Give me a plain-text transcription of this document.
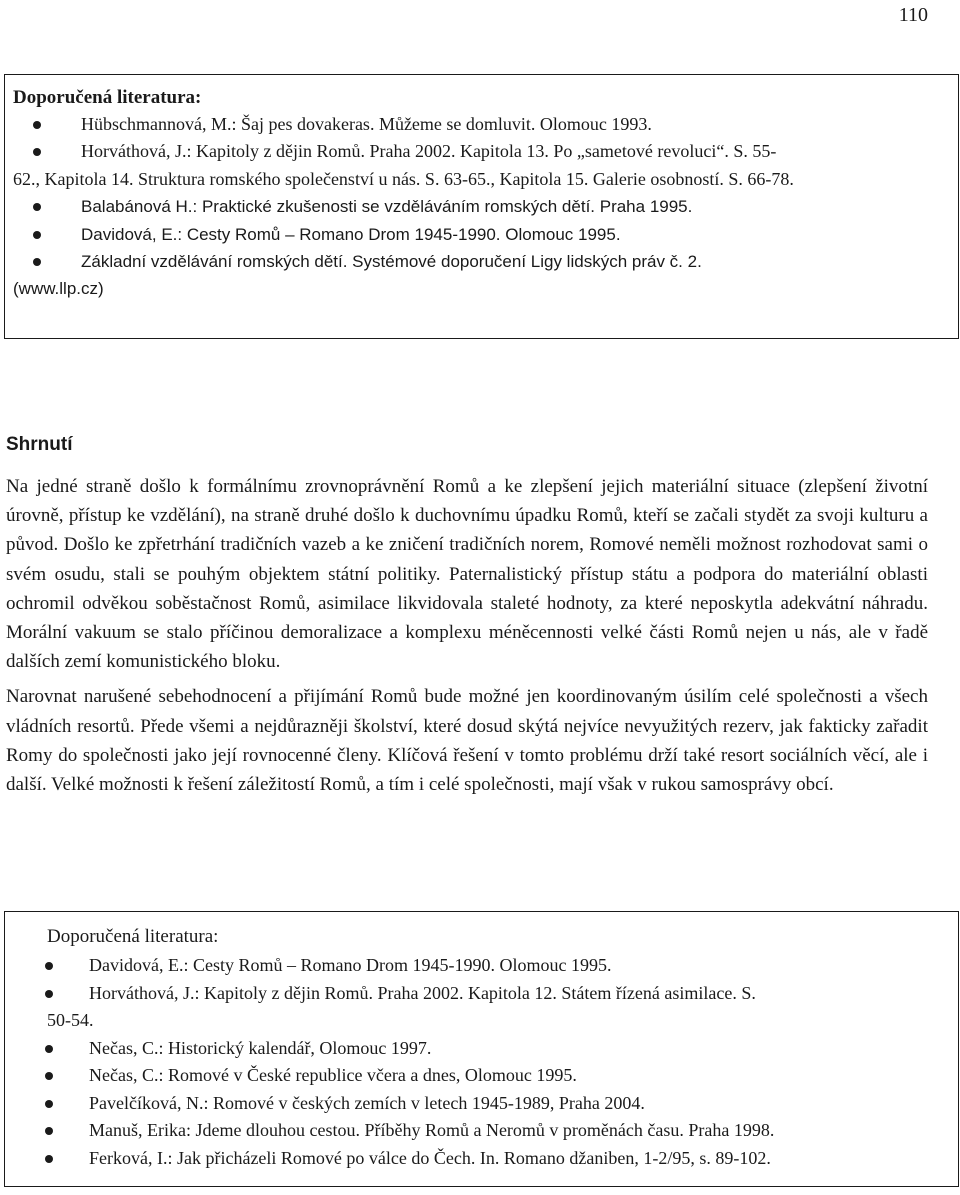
110
Doporučená literatura:
Hübschmannová, M.: Šaj pes dovakeras. Můžeme se domluvit. Olomouc 1993.
Horváthová, J.: Kapitoly z dějin Romů. Praha 2002. Kapitola 13. Po „sametové revoluci“. S. 55-
62., Kapitola 14. Struktura romského společenství u nás. S. 63-65., Kapitola 15. Galerie osobností. S. 66-78.
Balabánová H.: Praktické zkušenosti se vzděláváním romských dětí. Praha 1995.
Davidová, E.: Cesty Romů – Romano Drom 1945-1990. Olomouc 1995.
Základní vzdělávání romských dětí. Systémové doporučení Ligy lidských práv č. 2.
(www.llp.cz)
Shrnutí

Na jedné straně došlo k formálnímu zrovnoprávnění Romů a ke zlepšení jejich materiální situace (zlepšení životní úrovně, přístup ke vzdělání), na straně druhé došlo k duchovnímu úpadku Romů, kteří se začali stydět za svoji kulturu a původ. Došlo ke zpřetrhání tradičních vazeb a ke zničení tradičních norem, Romové neměli možnost rozhodovat sami o svém osudu, stali se pouhým objektem státní politiky. Paternalistický přístup státu a podpora do materiální oblasti ochromil odvěkou soběstačnost Romů, asimilace likvidovala staleté hodnoty, za které neposkytla adekvátní náhradu. Morální vakuum se stalo příčinou demoralizace a komplexu méněcennosti velké části Romů nejen u nás, ale v řadě dalších zemí komunistického bloku.

Narovnat narušené sebehodnocení a přijímání Romů bude možné jen koordinovaným úsilím celé společnosti a všech vládních resortů. Přede všemi a nejdůrazněji školství, které dosud skýtá nejvíce nevyužitých rezerv, jak fakticky zařadit Romy do společnosti jako její rovnocenné členy. Klíčová řešení v tomto problému drží také resort sociálních věcí, ale i další. Velké možnosti k řešení záležitostí Romů, a tím i celé společnosti, mají však v rukou samosprávy obcí.

Doporučená literatura:
Davidová, E.: Cesty Romů – Romano Drom 1945-1990. Olomouc 1995.
Horváthová, J.: Kapitoly z dějin Romů. Praha 2002. Kapitola 12. Státem řízená asimilace. S.
50-54.
Nečas, C.: Historický kalendář, Olomouc 1997.
Nečas, C.: Romové v České republice včera a dnes, Olomouc 1995.
Pavelčíková, N.: Romové v českých zemích v letech 1945-1989, Praha 2004.
Manuš, Erika: Jdeme dlouhou cestou. Příběhy Romů a Neromů v proměnách času. Praha 1998.
Ferková, I.: Jak přicházeli Romové po válce do Čech. In. Romano džaniben, 1-2/95, s. 89-102.
